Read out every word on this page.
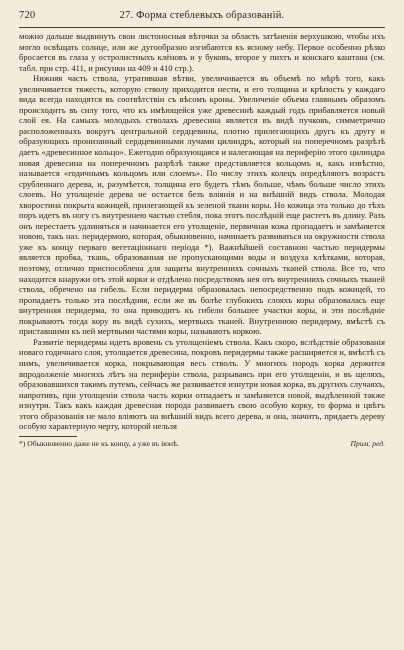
720	27. Форма стеблевыхъ образованій.

можно дальше выдвинуть свои листоносныя вѣточки за область затѣненія верхушкою, чтобы ихъ могло освѣщать солнце, или же дугообразно изгибаются къ ясному небу. Первое особенно рѣзко бросается въ глаза у остролистныхъ клёновъ и у буковъ, второе у пихтъ и конскаго каштана (см. табл. при стр. 411, и рисунки на 409 и 410 стр.).

Нижняя часть ствола, утратившая вѣтви, увеличивается въ объемѣ по мѣрѣ того, какъ увеличивается тяжесть, которую стволу приходится нести, и его толщина и крѣпость у каждаго вида всегда находятся въ соотвѣтствіи съ вѣсомъ кроны. Увеличеніе объема главнымъ образомъ происходитъ въ силу того, что къ имѣющейся уже древесинѣ каждый годъ прибавляется новый слой ея. На самыхъ молодыхъ стволахъ древесина является въ видѣ пучковъ, симметрично расположенныхъ вокругъ центральной сердцевины, плотно прилегающихъ другъ къ другу и образующихъ пронизанный сердцевинными лучами цилиндръ, который на поперечномъ разрѣзѣ даетъ «древесинное кольцо». Ежегодно образующаяся и налегающая на периферію этого цилиндра новая древесина на поперечномъ разрѣзѣ также представляется кольцомъ и, какъ извѣстно, называется «годичнымъ кольцомъ или слоемъ». По числу этихъ колецъ опредѣляютъ возрастъ срубленнаго дерева, и, разумѣется, толщина его будетъ тѣмъ больше, чѣмъ больше число этихъ слоевъ. Но утолщеніе дерева не остается безъ вліянія и на внѣшній видъ ствола. Молодая хворостина покрыта кожицей, прилегающей къ зеленой ткани коры. Но кожица эта только до тѣхъ поръ идетъ въ ногу съ внутреннею частью стебля, пока этотъ послѣдній еще растетъ въ длину. Разъ онъ перестаетъ удлиняться и начинается его утолщеніе, первичная кожа пропадаетъ и замѣняется новою, такъ наз. перидермою, которая, обыкновенно, начинаетъ развиваться на окружности ствола уже къ концу перваго вегетаціоннаго періода *). Важнѣйшей составною частью перидермы является пробка, ткань, образованная не пропускающими воды и воздуха клѣтками, которая, поэтому, отлично приспособлена для защиты внутреннихъ сочныхъ тканей ствола. Все то, что находится кнаружи отъ этой корки и отдѣлено посредствомъ нея отъ внутреннихъ сочныхъ тканей ствола, обречено на гибель. Если перидерма образовалась непосредственно подъ кожицей, то пропадаетъ только эта послѣдняя, если же въ болѣе глубокихъ слояхъ коры образовалась еще внутренняя перидерма, то она приводитъ къ гибели большее участки коры, и эти послѣдніе покрываютъ тогда кору въ видѣ сухихъ, мертвыхъ тканей. Внутреннюю перидерму, вмѣстѣ съ приставшими къ ней мертвыми частями коры, называютъ коркою.

Развитіе перидермы идетъ вровень съ утолщеніемъ ствола. Какъ скоро, вслѣдствіе образованія новаго годичнаго слоя, утолщается древесина, покровъ перидермы также расширяется и, вмѣстѣ съ нимъ, увеличивается корка, покрывающая весь стволъ. У многихъ породъ корка держится впродолженіе многихъ лѣтъ на периферіи ствола, разрываясь при его утолщеніи, и въ щеляхъ, образовавшихся такимъ путемъ, сейчасъ же развивается изнутри новая корка, въ другихъ случаяхъ, напротивъ, при утолщеніи ствола часть корки отпадаетъ и замѣняется новой, выдѣленной также изнутри. Такъ какъ каждая древесная порода развиваетъ свою особую корку, то форма и цвѣтъ этого образованія не мало вліяютъ на внѣшній видъ всего дерева, и она, значитъ, придаетъ дереву особую характерную черту, которой нельзя

*) Обыкновенно даже не къ концу, а уже въ іюнѣ.	Прим. ред.
